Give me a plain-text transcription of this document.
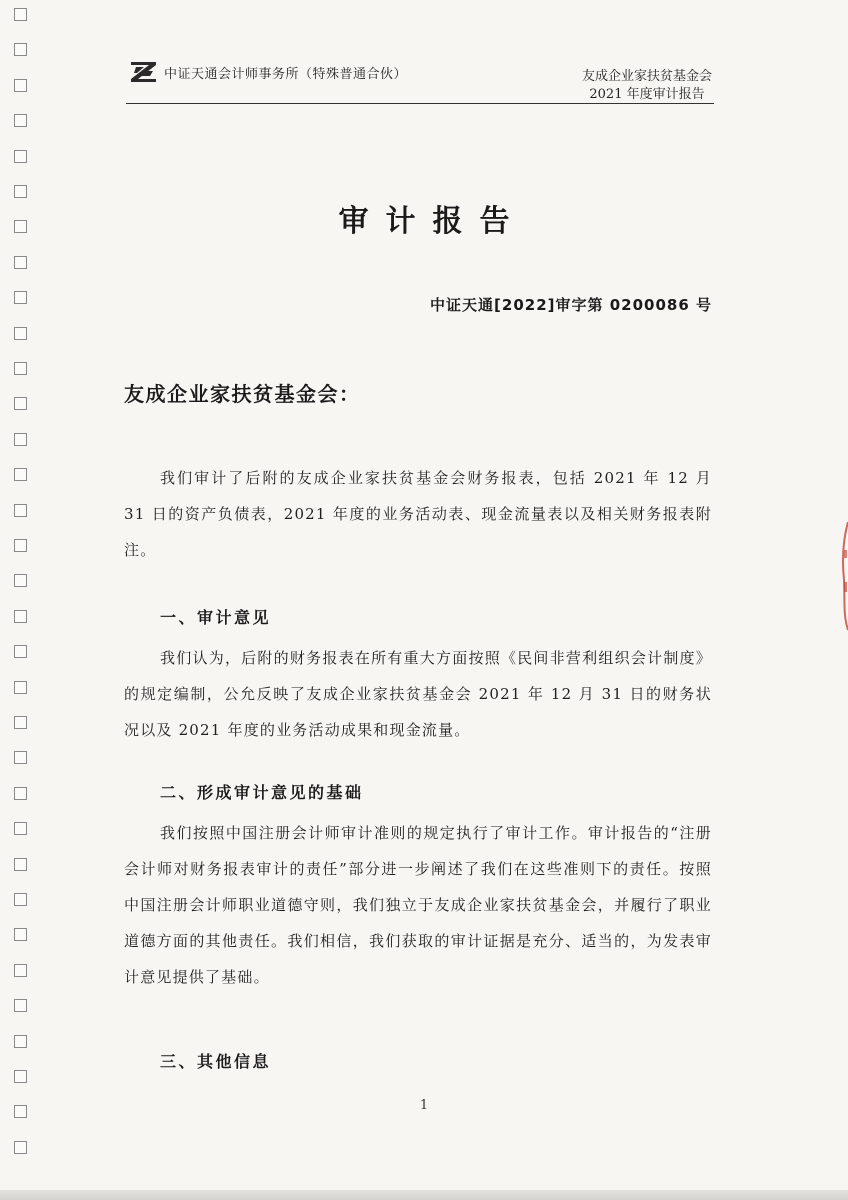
中证天通会计师事务所（特殊普通合伙）	友成企业家扶贫基金会
2021 年度审计报告
审计报告
中证天通[2022]审字第 0200086 号
友成企业家扶贫基金会：
我们审计了后附的友成企业家扶贫基金会财务报表，包括 2021 年 12 月 31 日的资产负债表，2021 年度的业务活动表、现金流量表以及相关财务报表附注。
一、审计意见
我们认为，后附的财务报表在所有重大方面按照《民间非营利组织会计制度》的规定编制，公允反映了友成企业家扶贫基金会 2021 年 12 月 31 日的财务状况以及 2021 年度的业务活动成果和现金流量。
二、形成审计意见的基础
我们按照中国注册会计师审计准则的规定执行了审计工作。审计报告的“注册会计师对财务报表审计的责任”部分进一步阐述了我们在这些准则下的责任。按照中国注册会计师职业道德守则，我们独立于友成企业家扶贫基金会，并履行了职业道德方面的其他责任。我们相信，我们获取的审计证据是充分、适当的，为发表审计意见提供了基础。
三、其他信息
1
